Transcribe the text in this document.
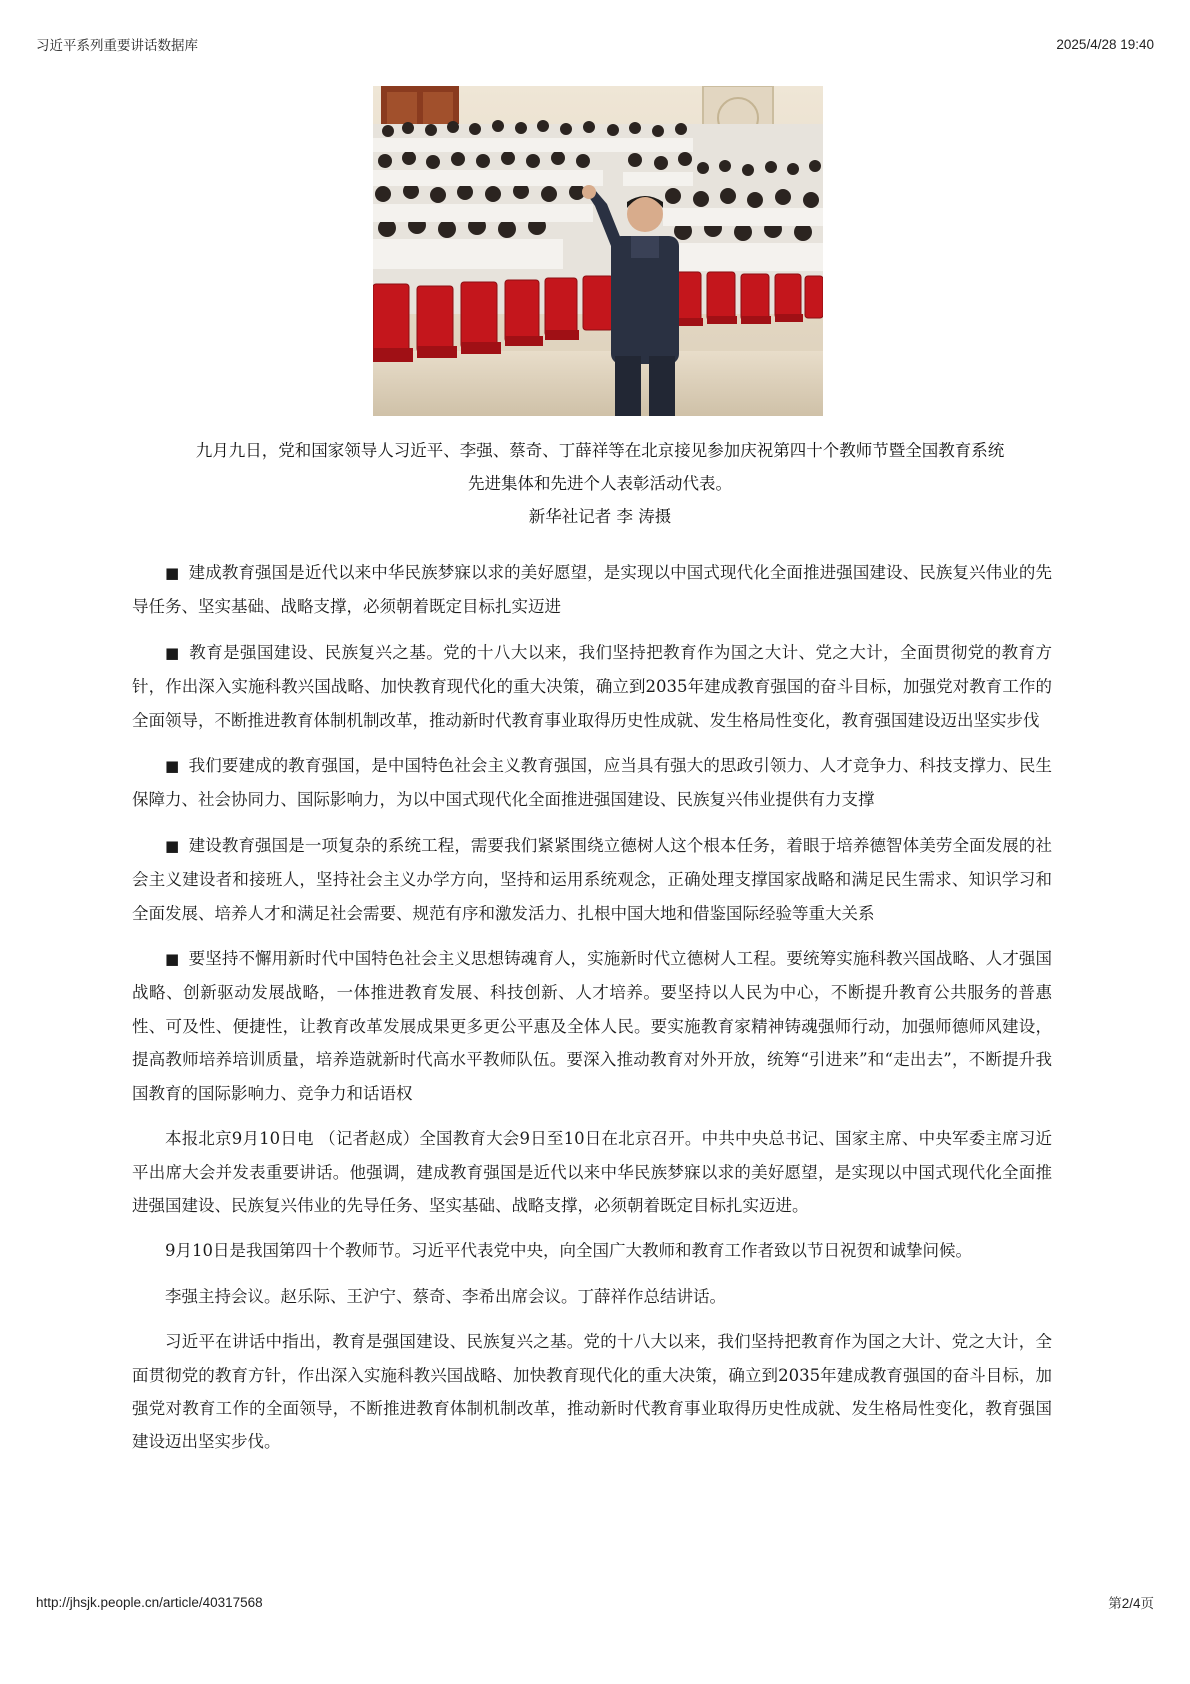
习近平系列重要讲话数据库	2025/4/28 19:40

九月九日，党和国家领导人习近平、李强、蔡奇、丁薛祥等在北京接见参加庆祝第四十个教师节暨全国教育系统

先进集体和先进个人表彰活动代表。

新华社记者 李 涛摄

■ 建成教育强国是近代以来中华民族梦寐以求的美好愿望，是实现以中国式现代化全面推进强国建设、民族复兴伟业的先导任务、坚实基础、战略支撑，必须朝着既定目标扎实迈进

■ 教育是强国建设、民族复兴之基。党的十八大以来，我们坚持把教育作为国之大计、党之大计，全面贯彻党的教育方针，作出深入实施科教兴国战略、加快教育现代化的重大决策，确立到2035年建成教育强国的奋斗目标，加强党对教育工作的全面领导，不断推进教育体制机制改革，推动新时代教育事业取得历史性成就、发生格局性变化，教育强国建设迈出坚实步伐

■ 我们要建成的教育强国，是中国特色社会主义教育强国，应当具有强大的思政引领力、人才竞争力、科技支撑力、民生保障力、社会协同力、国际影响力，为以中国式现代化全面推进强国建设、民族复兴伟业提供有力支撑

■ 建设教育强国是一项复杂的系统工程，需要我们紧紧围绕立德树人这个根本任务，着眼于培养德智体美劳全面发展的社会主义建设者和接班人，坚持社会主义办学方向，坚持和运用系统观念，正确处理支撑国家战略和满足民生需求、知识学习和全面发展、培养人才和满足社会需要、规范有序和激发活力、扎根中国大地和借鉴国际经验等重大关系

■ 要坚持不懈用新时代中国特色社会主义思想铸魂育人，实施新时代立德树人工程。要统筹实施科教兴国战略、人才强国战略、创新驱动发展战略，一体推进教育发展、科技创新、人才培养。要坚持以人民为中心，不断提升教育公共服务的普惠性、可及性、便捷性，让教育改革发展成果更多更公平惠及全体人民。要实施教育家精神铸魂强师行动，加强师德师风建设，提高教师培养培训质量，培养造就新时代高水平教师队伍。要深入推动教育对外开放，统筹“引进来”和“走出去”，不断提升我国教育的国际影响力、竞争力和话语权

本报北京9月10日电 （记者赵成）全国教育大会9日至10日在北京召开。中共中央总书记、国家主席、中央军委主席习近平出席大会并发表重要讲话。他强调，建成教育强国是近代以来中华民族梦寐以求的美好愿望，是实现以中国式现代化全面推进强国建设、民族复兴伟业的先导任务、坚实基础、战略支撑，必须朝着既定目标扎实迈进。

9月10日是我国第四十个教师节。习近平代表党中央，向全国广大教师和教育工作者致以节日祝贺和诚挚问候。

李强主持会议。赵乐际、王沪宁、蔡奇、李希出席会议。丁薛祥作总结讲话。

习近平在讲话中指出，教育是强国建设、民族复兴之基。党的十八大以来，我们坚持把教育作为国之大计、党之大计，全面贯彻党的教育方针，作出深入实施科教兴国战略、加快教育现代化的重大决策，确立到2035年建成教育强国的奋斗目标，加强党对教育工作的全面领导，不断推进教育体制机制改革，推动新时代教育事业取得历史性成就、发生格局性变化，教育强国建设迈出坚实步伐。

http://jhsjk.people.cn/article/40317568	第2/4页
